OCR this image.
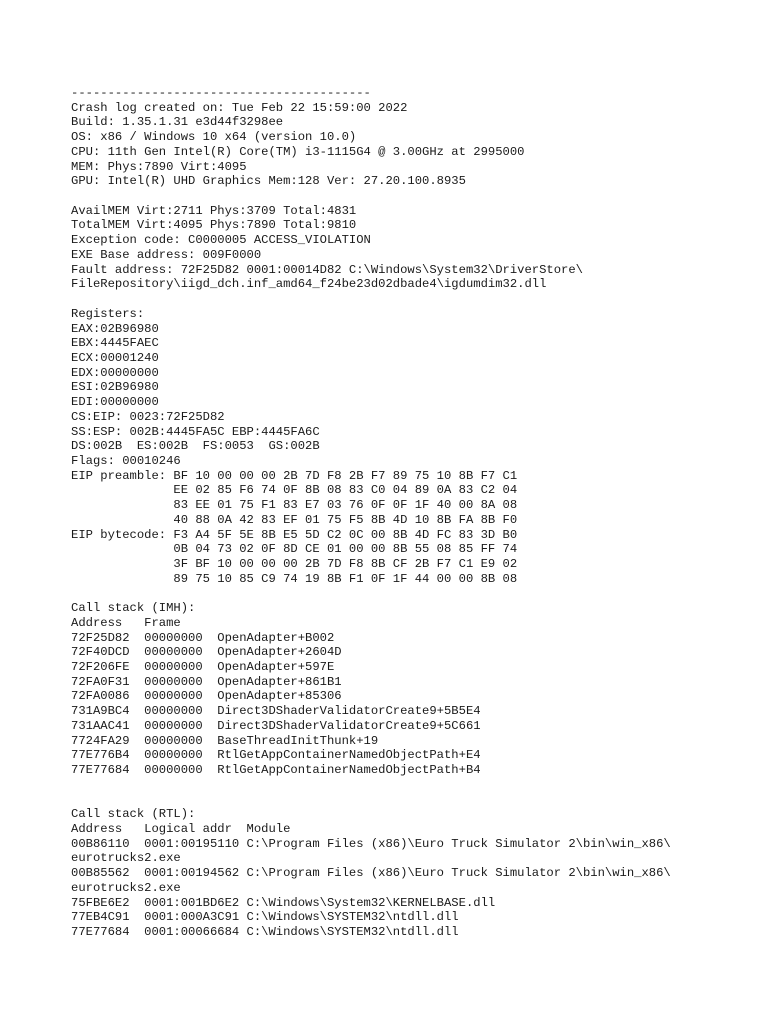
-----------------------------------------
Crash log created on: Tue Feb 22 15:59:00 2022
Build: 1.35.1.31 e3d44f3298ee
OS: x86 / Windows 10 x64 (version 10.0)
CPU: 11th Gen Intel(R) Core(TM) i3-1115G4 @ 3.00GHz at 2995000
MEM: Phys:7890 Virt:4095
GPU: Intel(R) UHD Graphics Mem:128 Ver: 27.20.100.8935
AvailMEM Virt:2711 Phys:3709 Total:4831
TotalMEM Virt:4095 Phys:7890 Total:9810
Exception code: C0000005 ACCESS_VIOLATION
EXE Base address: 009F0000
Fault address: 72F25D82 0001:00014D82 C:\Windows\System32\DriverStore\
FileRepository\iigd_dch.inf_amd64_f24be23d02dbade4\igdumdim32.dll
Registers:
EAX:02B96980
EBX:4445FAEC
ECX:00001240
EDX:00000000
ESI:02B96980
EDI:00000000
CS:EIP: 0023:72F25D82
SS:ESP: 002B:4445FA5C EBP:4445FA6C
DS:002B  ES:002B  FS:0053  GS:002B
Flags: 00010246
EIP preamble: BF 10 00 00 00 2B 7D F8 2B F7 89 75 10 8B F7 C1
EE 02 85 F6 74 0F 8B 08 83 C0 04 89 0A 83 C2 04
83 EE 01 75 F1 83 E7 03 76 0F 0F 1F 40 00 8A 08
40 88 0A 42 83 EF 01 75 F5 8B 4D 10 8B FA 8B F0
EIP bytecode: F3 A4 5F 5E 8B E5 5D C2 0C 00 8B 4D FC 83 3D B0
0B 04 73 02 0F 8D CE 01 00 00 8B 55 08 85 FF 74
3F BF 10 00 00 00 2B 7D F8 8B CF 2B F7 C1 E9 02
89 75 10 85 C9 74 19 8B F1 0F 1F 44 00 00 8B 08
Call stack (IMH):
Address   Frame
72F25D82  00000000  OpenAdapter+B002
72F40DCD  00000000  OpenAdapter+2604D
72F206FE  00000000  OpenAdapter+597E
72FA0F31  00000000  OpenAdapter+861B1
72FA0086  00000000  OpenAdapter+85306
731A9BC4  00000000  Direct3DShaderValidatorCreate9+5B5E4
731AAC41  00000000  Direct3DShaderValidatorCreate9+5C661
7724FA29  00000000  BaseThreadInitThunk+19
77E776B4  00000000  RtlGetAppContainerNamedObjectPath+E4
77E77684  00000000  RtlGetAppContainerNamedObjectPath+B4
Call stack (RTL):
Address   Logical addr  Module
00B86110  0001:00195110 C:\Program Files (x86)\Euro Truck Simulator 2\bin\win_x86\
eurotrucks2.exe
00B85562  0001:00194562 C:\Program Files (x86)\Euro Truck Simulator 2\bin\win_x86\
eurotrucks2.exe
75FBE6E2  0001:001BD6E2 C:\Windows\System32\KERNELBASE.dll
77EB4C91  0001:000A3C91 C:\Windows\SYSTEM32\ntdll.dll
77E77684  0001:00066684 C:\Windows\SYSTEM32\ntdll.dll
